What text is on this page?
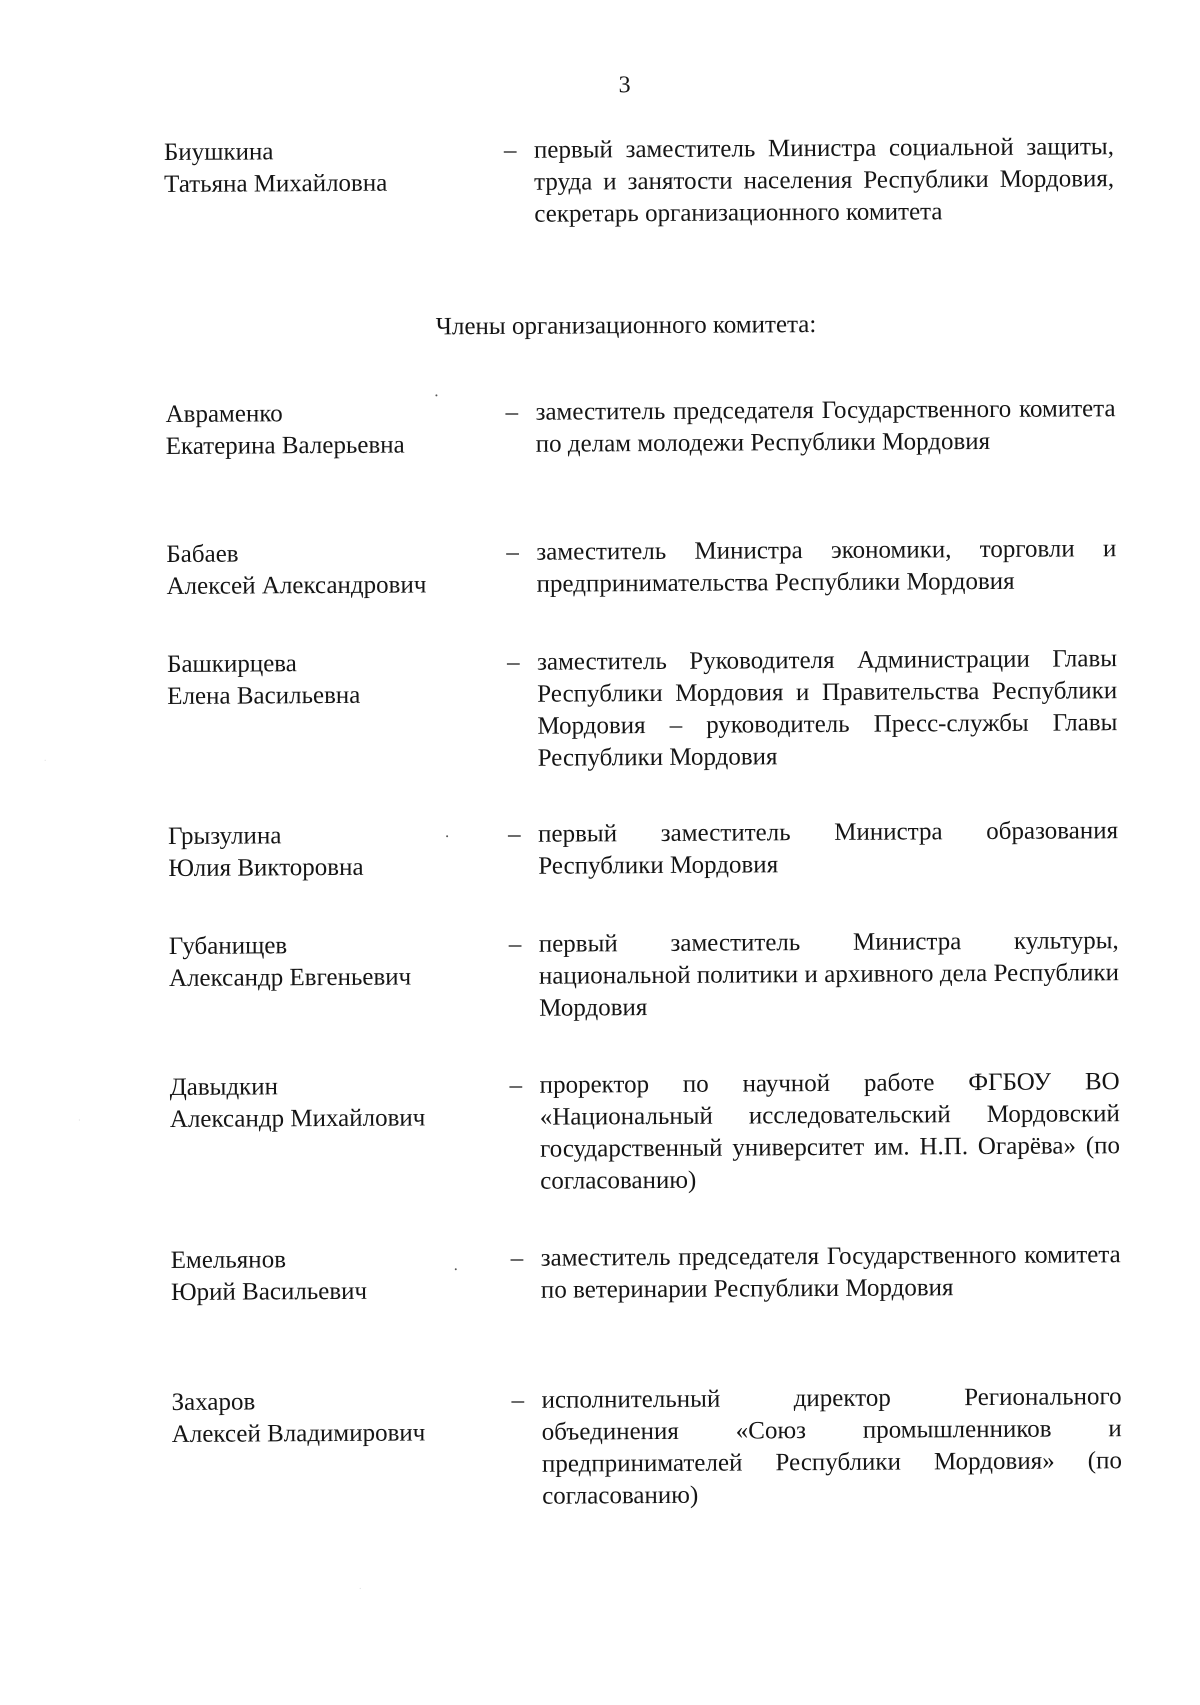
3
Биушкина
Татьяна Михайловна
– первый заместитель Министра социальной защиты, труда и занятости населения Республики Мордовия, секретарь организационного комитета
Члены организационного комитета:
Авраменко
Екатерина Валерьевна
– заместитель председателя Государственного комитета по делам молодежи Республики Мордовия
Бабаев
Алексей Александрович
– заместитель Министра экономики, торговли и предпринимательства Республики Мордовия
Башкирцева
Елена Васильевна
– заместитель Руководителя Администрации Главы Республики Мордовия и Правительства Республики Мордовия – руководитель Пресс-службы Главы Республики Мордовия
Грызулина
Юлия Викторовна
– первый заместитель Министра образования Республики Мордовия
Губанищев
Александр Евгеньевич
– первый заместитель Министра культуры, национальной политики и архивного дела Республики Мордовия
Давыдкин
Александр Михайлович
– проректор по научной работе ФГБОУ ВО «Национальный исследовательский Мордовский государственный университет им. Н.П. Огарёва» (по согласованию)
Емельянов
Юрий Васильевич
– заместитель председателя Государственного комитета по ветеринарии Республики Мордовия
Захаров
Алексей Владимирович
– исполнительный директор Регионального объединения «Союз промышленников и предпринимателей Республики Мордовия» (по согласованию)
